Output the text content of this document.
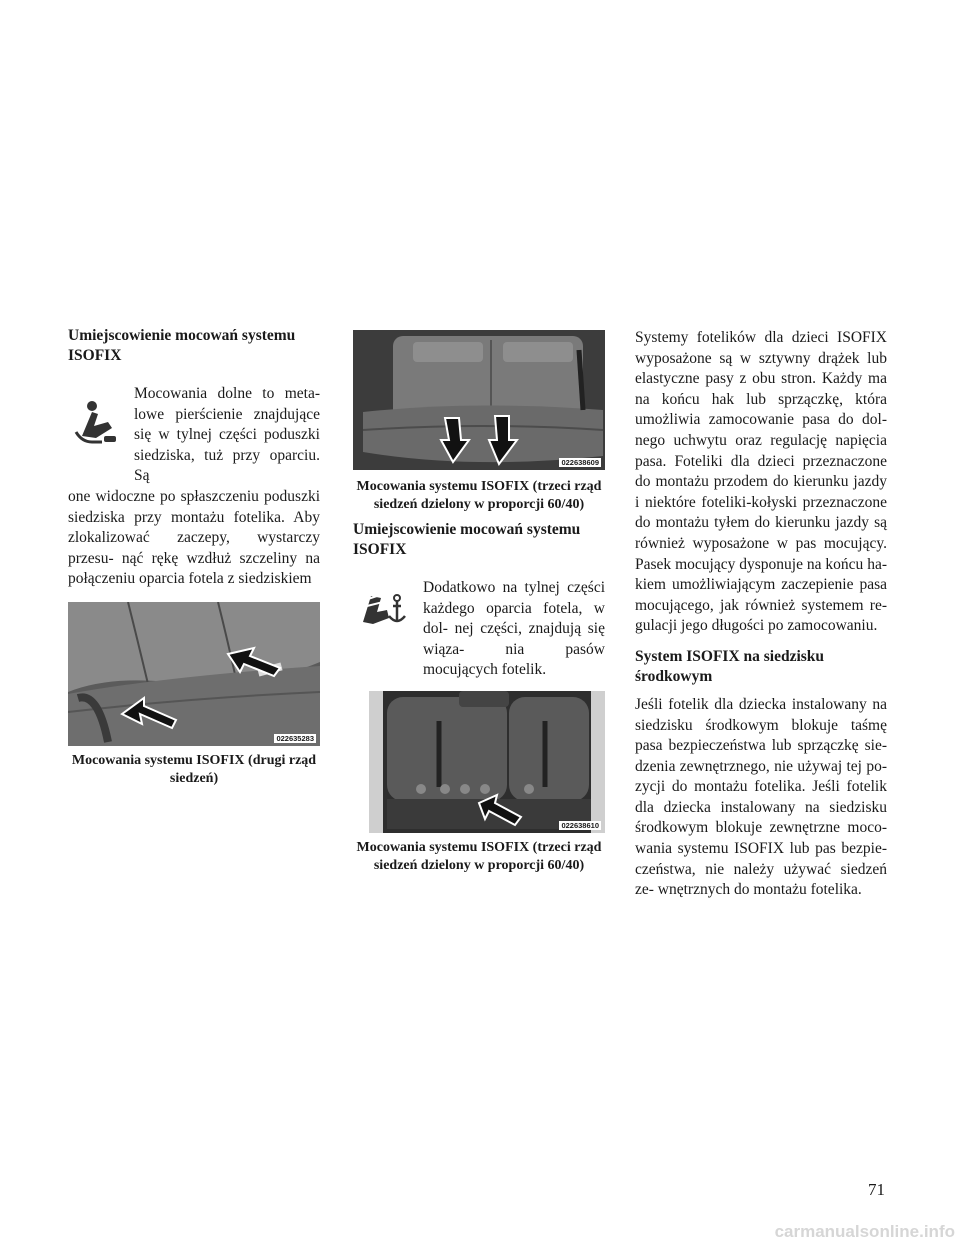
Umiejscowienie mocowań systemu ISOFIX

Mocowania dolne to meta- lowe pierścienie znajdujące się w tylnej części poduszki siedziska, tuż przy oparciu. Są

one widoczne po spłaszczeniu poduszki siedziska przy montażu fotelika. Aby zlokalizować zaczepy, wystarczy przesu- nąć rękę wzdłuż szczeliny na połączeniu oparcia fotela z siedziskiem

022635283

Mocowania systemu ISOFIX (drugi rząd siedzeń)

022638609

Mocowania systemu ISOFIX (trzeci rząd siedzeń dzielony w proporcji 60/40)

Umiejscowienie mocowań systemu ISOFIX

Dodatkowo na tylnej części każdego oparcia fotela, w dol- nej części, znajdują się wiąza- nia pasów mocujących fotelik.

022638610

Mocowania systemu ISOFIX (trzeci rząd siedzeń dzielony w proporcji 60/40)

Systemy fotelików dla dzieci ISOFIX wyposażone są w sztywny drążek lub elastyczne pasy z obu stron. Każdy ma na końcu hak lub sprzączkę, która umożliwia zamocowanie pasa do dol- nego uchwytu oraz regulację napięcia pasa. Foteliki dla dzieci przeznaczone do montażu przodem do kierunku jazdy i niektóre foteliki-kołyski przeznaczone do montażu tyłem do kierunku jazdy są również wyposażone w pas mocujący. Pasek mocujący dysponuje na końcu ha- kiem umożliwiającym zaczepienie pasa mocującego, jak również systemem re- gulacji jego długości po zamocowaniu.

System ISOFIX na siedzisku środkowym

Jeśli fotelik dla dziecka instalowany na siedzisku środkowym blokuje taśmę pasa bezpieczeństwa lub sprzączkę sie- dzenia zewnętrznego, nie używaj tej po- zycji do montażu fotelika. Jeśli fotelik dla dziecka instalowany na siedzisku środkowym blokuje zewnętrzne moco- wania systemu ISOFIX lub pas bezpie- czeństwa, nie należy używać siedzeń ze- wnętrznych do montażu fotelika.

71
carmanualsonline.info
